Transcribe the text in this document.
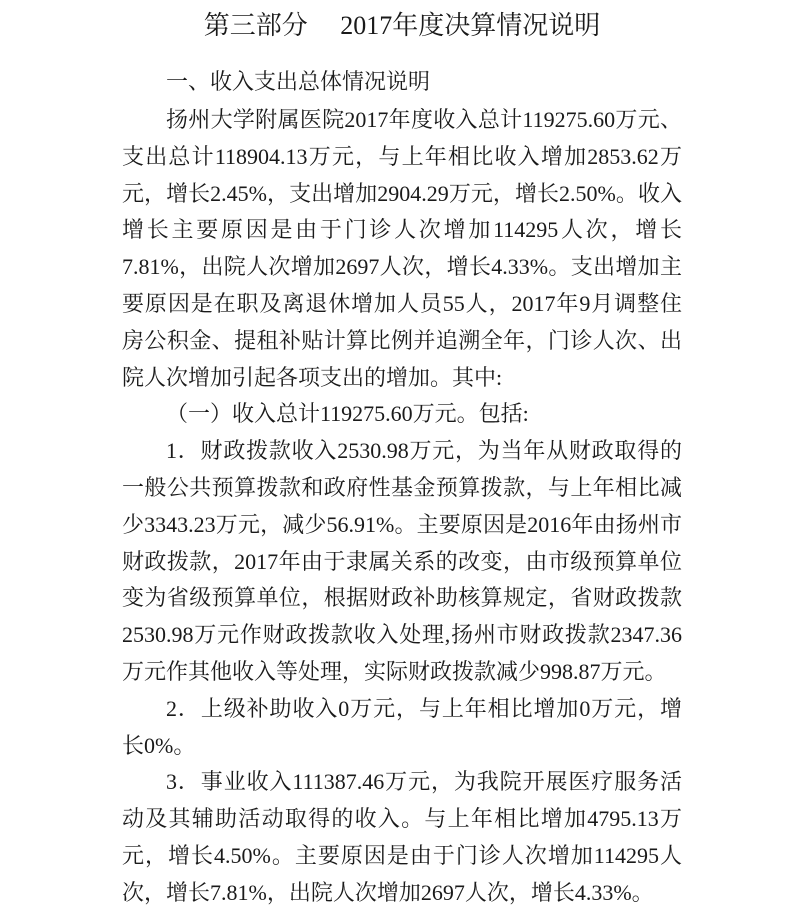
第三部分　 2017年度决算情况说明
一、收入支出总体情况说明

扬州大学附属医院2017年度收入总计119275.60万元、支出总计118904.13万元，与上年相比收入增加2853.62万元，增长2.45%，支出增加2904.29万元，增长2.50%。收入增长主要原因是由于门诊人次增加114295人次，增长7.81%，出院人次增加2697人次，增长4.33%。支出增加主要原因是在职及离退休增加人员55人，2017年9月调整住房公积金、提租补贴计算比例并追溯全年，门诊人次、出院人次增加引起各项支出的增加。其中:

（一）收入总计119275.60万元。包括:

1．财政拨款收入2530.98万元，为当年从财政取得的一般公共预算拨款和政府性基金预算拨款，与上年相比减少3343.23万元，减少56.91%。主要原因是2016年由扬州市财政拨款，2017年由于隶属关系的改变，由市级预算单位变为省级预算单位，根据财政补助核算规定，省财政拨款2530.98万元作财政拨款收入处理,扬州市财政拨款2347.36万元作其他收入等处理，实际财政拨款减少998.87万元。

2．上级补助收入0万元，与上年相比增加0万元，增长0%。

3．事业收入111387.46万元，为我院开展医疗服务活动及其辅助活动取得的收入。与上年相比增加4795.13万元，增长4.50%。主要原因是由于门诊人次增加114295人次，增长7.81%，出院人次增加2697人次，增长4.33%。
